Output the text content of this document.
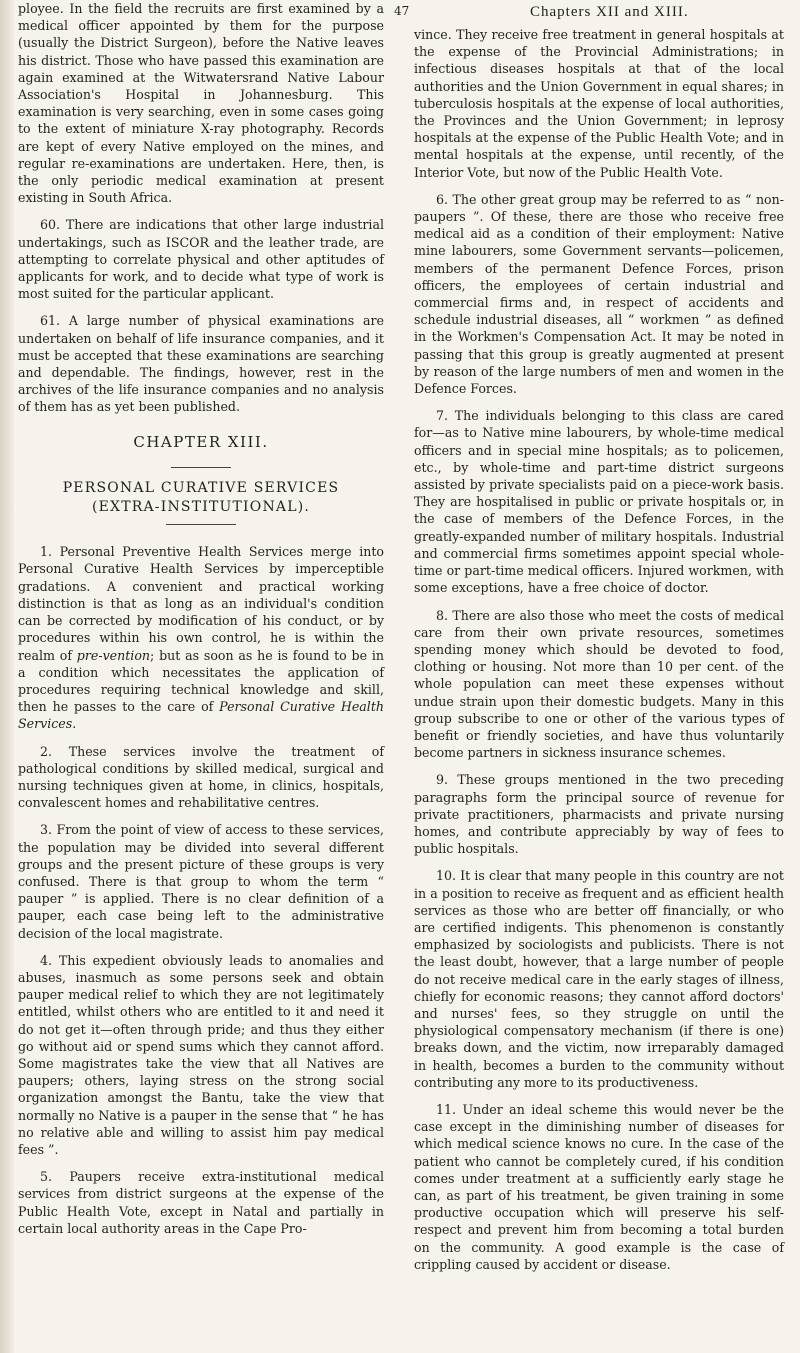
47	Chapters XII and XIII.

ployee. In the field the recruits are first examined by a medical officer appointed by them for the purpose (usually the District Surgeon), before the Native leaves his district. Those who have passed this examination are again examined at the Witwatersrand Native Labour Association's Hospital in Johannesburg. This examination is very searching, even in some cases going to the extent of miniature X-ray photography. Records are kept of every Native employed on the mines, and regular re-examinations are undertaken. Here, then, is the only periodic medical examination at present existing in South Africa.

60. There are indications that other large industrial undertakings, such as ISCOR and the leather trade, are attempting to correlate physical and other aptitudes of applicants for work, and to decide what type of work is most suited for the particular applicant.

61. A large number of physical examinations are undertaken on behalf of life insurance companies, and it must be accepted that these examinations are searching and dependable. The findings, however, rest in the archives of the life insurance companies and no analysis of them has as yet been published.

CHAPTER XIII.
PERSONAL CURATIVE SERVICES
(EXTRA-INSTITUTIONAL).

1. Personal Preventive Health Services merge into Personal Curative Health Services by imperceptible gradations. A convenient and practical working distinction is that as long as an individual's condition can be corrected by modification of his conduct, or by procedures within his own control, he is within the realm of pre-vention; but as soon as he is found to be in a condition which necessitates the application of procedures requiring technical knowledge and skill, then he passes to the care of Personal Curative Health Services.

2. These services involve the treatment of pathological conditions by skilled medical, surgical and nursing techniques given at home, in clinics, hospitals, convalescent homes and rehabilitative centres.

3. From the point of view of access to these services, the population may be divided into several different groups and the present picture of these groups is very confused. There is that group to whom the term “ pauper ” is applied. There is no clear definition of a pauper, each case being left to the administrative decision of the local magistrate.

4. This expedient obviously leads to anomalies and abuses, inasmuch as some persons seek and obtain pauper medical relief to which they are not legitimately entitled, whilst others who are entitled to it and need it do not get it—often through pride; and thus they either go without aid or spend sums which they cannot afford. Some magistrates take the view that all Natives are paupers; others, laying stress on the strong social organization amongst the Bantu, take the view that normally no Native is a pauper in the sense that “ he has no relative able and willing to assist him pay medical fees ”.

5. Paupers receive extra-institutional medical services from district surgeons at the expense of the Public Health Vote, except in Natal and partially in certain local authority areas in the Cape Pro-

vince. They receive free treatment in general hospitals at the expense of the Provincial Administrations; in infectious diseases hospitals at that of the local authorities and the Union Government in equal shares; in tuberculosis hospitals at the expense of local authorities, the Provinces and the Union Government; in leprosy hospitals at the expense of the Public Health Vote; and in mental hospitals at the expense, until recently, of the Interior Vote, but now of the Public Health Vote.

6. The other great group may be referred to as “ non-paupers ”. Of these, there are those who receive free medical aid as a condition of their employment: Native mine labourers, some Government servants—policemen, members of the permanent Defence Forces, prison officers, the employees of certain industrial and commercial firms and, in respect of accidents and schedule industrial diseases, all “ workmen ” as defined in the Workmen's Compensation Act. It may be noted in passing that this group is greatly augmented at present by reason of the large numbers of men and women in the Defence Forces.

7. The individuals belonging to this class are cared for—as to Native mine labourers, by whole-time medical officers and in special mine hospitals; as to policemen, etc., by whole-time and part-time district surgeons assisted by private specialists paid on a piece-work basis. They are hospitalised in public or private hospitals or, in the case of members of the Defence Forces, in the greatly-expanded number of military hospitals. Industrial and commercial firms sometimes appoint special whole-time or part-time medical officers. Injured workmen, with some exceptions, have a free choice of doctor.

8. There are also those who meet the costs of medical care from their own private resources, sometimes spending money which should be devoted to food, clothing or housing. Not more than 10 per cent. of the whole population can meet these expenses without undue strain upon their domestic budgets. Many in this group subscribe to one or other of the various types of benefit or friendly societies, and have thus voluntarily become partners in sickness insurance schemes.

9. These groups mentioned in the two preceding paragraphs form the principal source of revenue for private practitioners, pharmacists and private nursing homes, and contribute appreciably by way of fees to public hospitals.

10. It is clear that many people in this country are not in a position to receive as frequent and as efficient health services as those who are better off financially, or who are certified indigents. This phenomenon is constantly emphasized by sociologists and publicists. There is not the least doubt, however, that a large number of people do not receive medical care in the early stages of illness, chiefly for economic reasons; they cannot afford doctors' and nurses' fees, so they struggle on until the physiological compensatory mechanism (if there is one) breaks down, and the victim, now irreparably damaged in health, becomes a burden to the community without contributing any more to its productiveness.

11. Under an ideal scheme this would never be the case except in the diminishing number of diseases for which medical science knows no cure. In the case of the patient who cannot be completely cured, if his condition comes under treatment at a sufficiently early stage he can, as part of his treatment, be given training in some productive occupation which will preserve his self-respect and prevent him from becoming a total burden on the community. A good example is the case of crippling caused by accident or disease.
